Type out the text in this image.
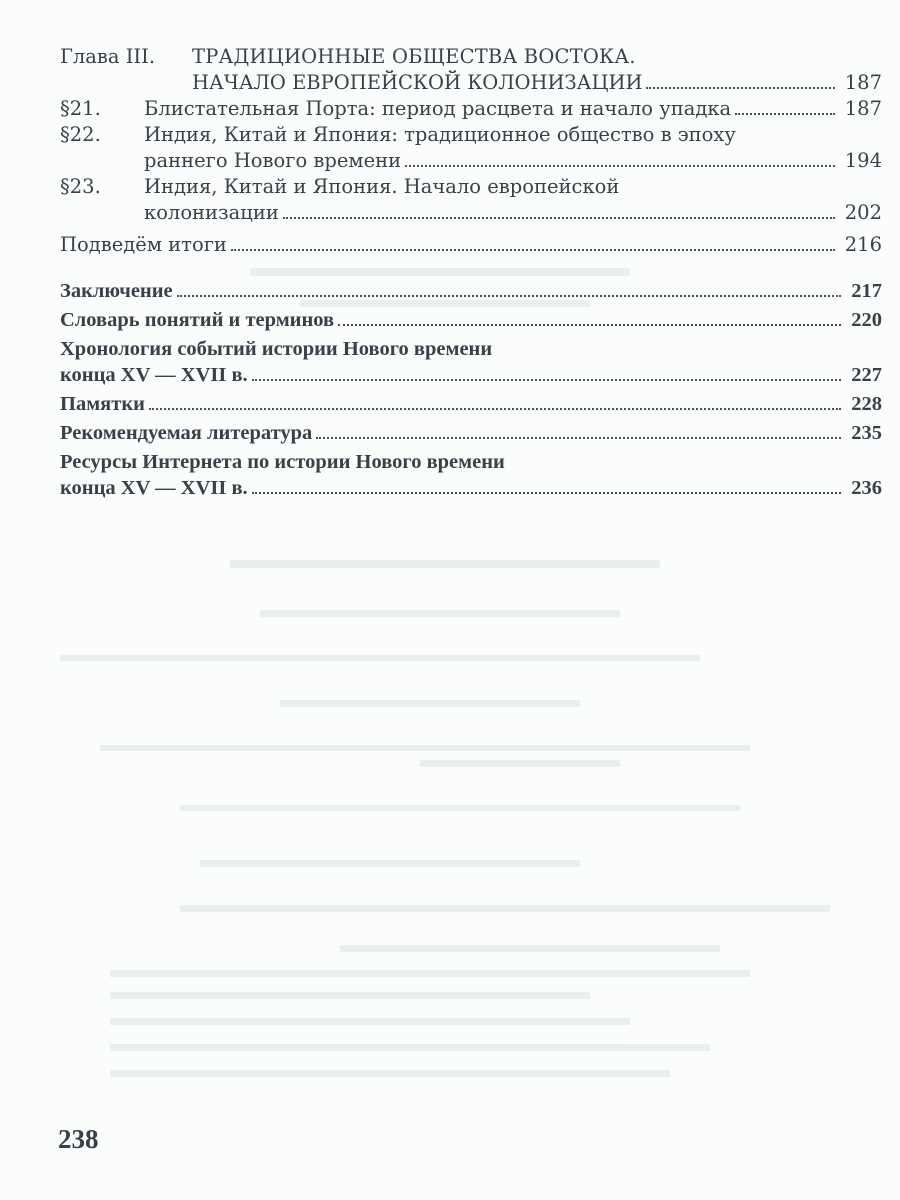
Глава III. ТРАДИЦИОННЫЕ ОБЩЕСТВА ВОСТОКА.
НАЧАЛО ЕВРОПЕЙСКОЙ КОЛОНИЗАЦИИ	187
§21. Блистательная Порта: период расцвета и начало упадка	187
§22. Индия, Китай и Япония: традиционное общество в эпоху
раннего Нового времени	194
§23. Индия, Китай и Япония. Начало европейской
колонизации	202
Подведём итоги	216
Заключение	217
Словарь понятий и терминов	220
Хронология событий истории Нового времени
конца XV — XVII в.	227
Памятки	228
Рекомендуемая литература	235
Ресурсы Интернета по истории Нового времени
конца XV — XVII в.	236
238
